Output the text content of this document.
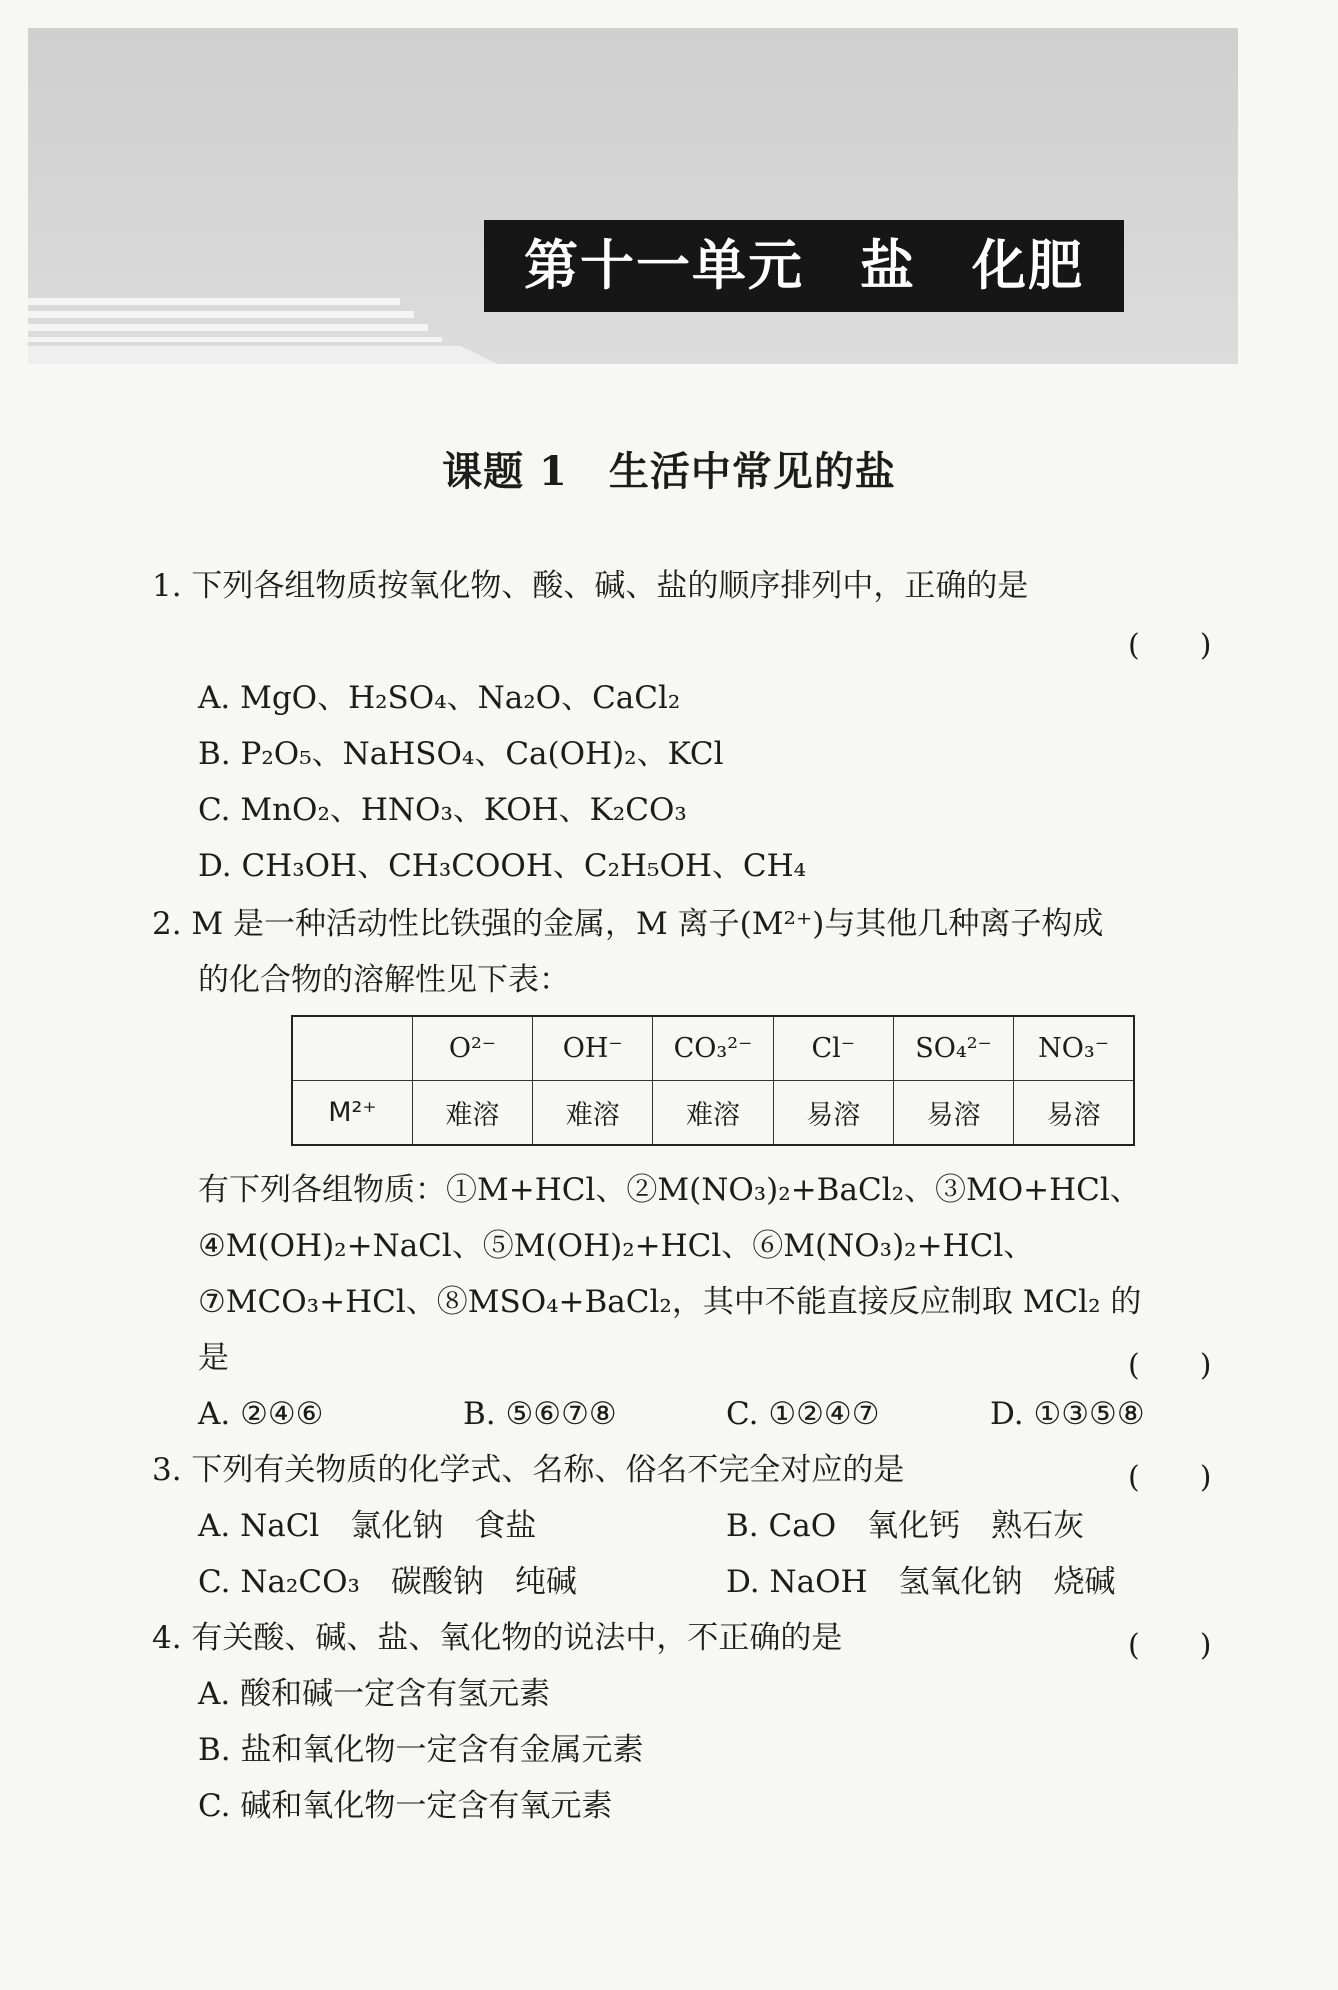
第十一单元　盐　化肥
课题 1　生活中常见的盐
1. 下列各组物质按氧化物、酸、碱、盐的顺序排列中，正确的是
(　　)
A. MgO、H₂SO₄、Na₂O、CaCl₂
B. P₂O₅、NaHSO₄、Ca(OH)₂、KCl
C. MnO₂、HNO₃、KOH、K₂CO₃
D. CH₃OH、CH₃COOH、C₂H₅OH、CH₄
2. M 是一种活动性比铁强的金属，M 离子(M²⁺)与其他几种离子构成
的化合物的溶解性见下表：
	O²⁻	OH⁻	CO₃²⁻	Cl⁻	SO₄²⁻	NO₃⁻
M²⁺	难溶	难溶	难溶	易溶	易溶	易溶
有下列各组物质：①M+HCl、②M(NO₃)₂+BaCl₂、③MO+HCl、
④M(OH)₂+NaCl、⑤M(OH)₂+HCl、⑥M(NO₃)₂+HCl、
⑦MCO₃+HCl、⑧MSO₄+BaCl₂，其中不能直接反应制取 MCl₂ 的
是	(　　)
A. ②④⑥	B. ⑤⑥⑦⑧	C. ①②④⑦	D. ①③⑤⑧
3. 下列有关物质的化学式、名称、俗名不完全对应的是	(　　)
A. NaCl　氯化钠　食盐	B. CaO　氧化钙　熟石灰
C. Na₂CO₃　碳酸钠　纯碱	D. NaOH　氢氧化钠　烧碱
4. 有关酸、碱、盐、氧化物的说法中，不正确的是	(　　)
A. 酸和碱一定含有氢元素
B. 盐和氧化物一定含有金属元素
C. 碱和氧化物一定含有氧元素
